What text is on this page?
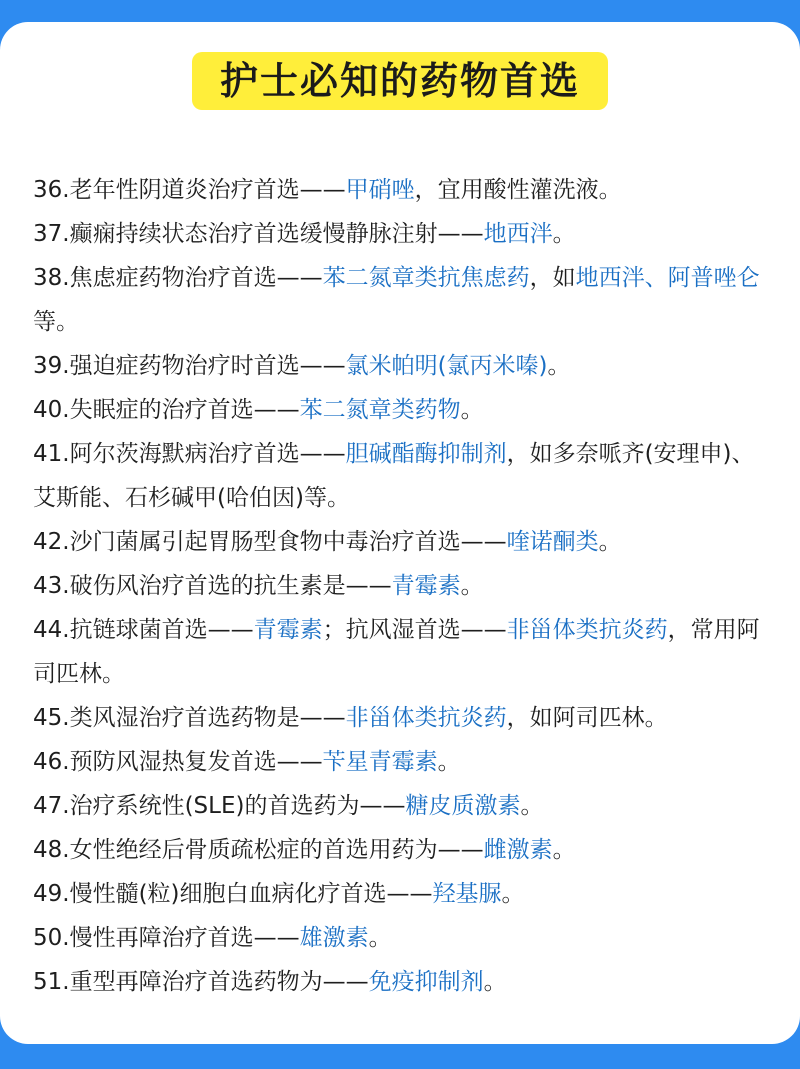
护士必知的药物首选
36.老年性阴道炎治疗首选——甲硝唑，宜用酸性灌洗液。
37.癫痫持续状态治疗首选缓慢静脉注射——地西泮。
38.焦虑症药物治疗首选——苯二氮章类抗焦虑药，如地西泮、阿普唑仑等。
39.强迫症药物治疗时首选——氯米帕明(氯丙米嗪)。
40.失眠症的治疗首选——苯二氮章类药物。
41.阿尔茨海默病治疗首选——胆碱酯酶抑制剂，如多奈哌齐(安理申)、艾斯能、石杉碱甲(哈伯因)等。
42.沙门菌属引起胃肠型食物中毒治疗首选——喹诺酮类。
43.破伤风治疗首选的抗生素是——青霉素。
44.抗链球菌首选——青霉素；抗风湿首选——非甾体类抗炎药，常用阿司匹林。
45.类风湿治疗首选药物是——非甾体类抗炎药，如阿司匹林。
46.预防风湿热复发首选——苄星青霉素。
47.治疗系统性(SLE)的首选药为——糖皮质激素。
48.女性绝经后骨质疏松症的首选用药为——雌激素。
49.慢性髓(粒)细胞白血病化疗首选——羟基脲。
50.慢性再障治疗首选——雄激素。
51.重型再障治疗首选药物为——免疫抑制剂。
